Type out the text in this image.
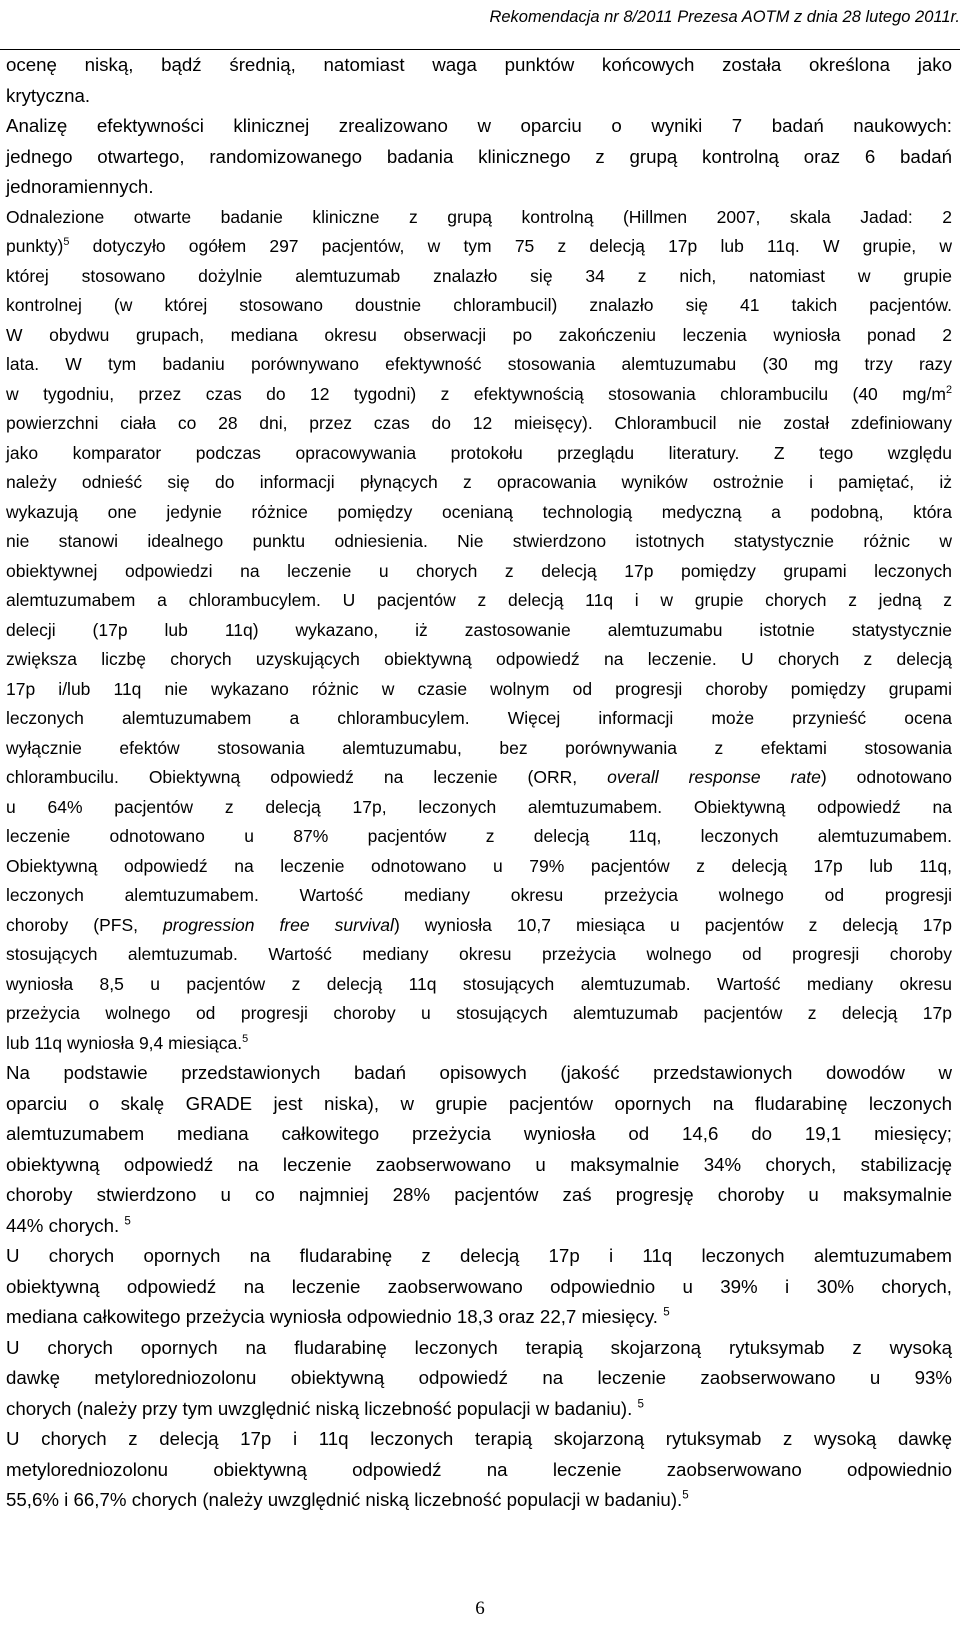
Rekomendacja nr 8/2011 Prezesa AOTM z dnia 28 lutego 2011r.
ocenę niską, bądź średnią, natomiast waga punktów końcowych została określona jako
krytyczna.
Analizę efektywności klinicznej zrealizowano w oparciu o wyniki 7 badań naukowych:
jednego otwartego, randomizowanego badania klinicznego z grupą kontrolną oraz 6 badań
jednoramiennych.
Odnalezione otwarte badanie kliniczne z grupą kontrolną (Hillmen 2007, skala Jadad: 2
punkty)$^5$ dotyczyło ogółem 297 pacjentów, w tym 75 z delecją 17p lub 11q. W grupie, w
której stosowano dożylnie alemtuzumab znalazło się 34 z nich, natomiast w grupie
kontrolnej (w której stosowano doustnie chlorambucil) znalazło się 41 takich pacjentów.
W obydwu grupach, mediana okresu obserwacji po zakończeniu leczenia wyniosła ponad 2
lata. W tym badaniu porównywano efektywność stosowania alemtuzumabu (30 mg trzy razy
w tygodniu, przez czas do 12 tygodni) z efektywnością stosowania chlorambucilu (40 $mg/m^2$
powierzchni ciała co 28 dni, przez czas do 12 mieisęcy). Chlorambucil nie został zdefiniowany
jako komparator podczas opracowywania protokołu przeglądu literatury. Z tego względu
należy odnieść się do informacji płynących z opracowania wyników ostrożnie i pamiętać, iż
wykazują one jedynie różnice pomiędzy ocenianą technologią medyczną a podobną, która
nie stanowi idealnego punktu odniesienia. Nie stwierdzono istotnych statystycznie różnic w
obiektywnej odpowiedzi na leczenie u chorych z delecją 17p pomiędzy grupami leczonych
alemtuzumabem a chlorambucylem. U pacjentów z delecją 11q i w grupie chorych z jedną z
delecji (17p lub 11q) wykazano, iż zastosowanie alemtuzumabu istotnie statystycznie
zwiększa liczbę chorych uzyskujących obiektywną odpowiedź na leczenie. U chorych z delecją
17p i/lub 11q nie wykazano różnic w czasie wolnym od progresji choroby pomiędzy grupami
leczonych alemtuzumabem a chlorambucylem. Więcej informacji może przynieść ocena
wyłącznie efektów stosowania alemtuzumabu, bez porównywania z efektami stosowania
chlorambucilu. Obiektywną odpowiedź na leczenie (ORR, overall response rate) odnotowano
u 64% pacjentów z delecją 17p, leczonych alemtuzumabem. Obiektywną odpowiedź na
leczenie odnotowano u 87% pacjentów z delecją 11q, leczonych alemtuzumabem.
Obiektywną odpowiedź na leczenie odnotowano u 79% pacjentów z delecją 17p lub 11q,
leczonych alemtuzumabem. Wartość mediany okresu przeżycia wolnego od progresji
choroby (PFS, progression free survival) wyniosła 10,7 miesiąca u pacjentów z delecją 17p
stosujących alemtuzumab. Wartość mediany okresu przeżycia wolnego od progresji choroby
wyniosła 8,5 u pacjentów z delecją 11q stosujących alemtuzumab. Wartość mediany okresu
przeżycia wolnego od progresji choroby u stosujących alemtuzumab pacjentów z delecją 17p
lub 11q wyniosła 9,4 miesiąca.$^5$
Na podstawie przedstawionych badań opisowych (jakość przedstawionych dowodów w
oparciu o skalę GRADE jest niska), w grupie pacjentów opornych na fludarabinę leczonych
alemtuzumabem mediana całkowitego przeżycia wyniosła od 14,6 do 19,1 miesięcy;
obiektywną odpowiedź na leczenie zaobserwowano u maksymalnie 34% chorych, stabilizację
choroby stwierdzono u co najmniej 28% pacjentów zaś progresję choroby u maksymalnie
44% chorych. $^5$
U chorych opornych na fludarabinę z delecją 17p i 11q leczonych alemtuzumabem
obiektywną odpowiedź na leczenie zaobserwowano odpowiednio u 39% i 30% chorych,
mediana całkowitego przeżycia wyniosła odpowiednio 18,3 oraz 22,7 miesięcy. $^5$
U chorych opornych na fludarabinę leczonych terapią skojarzoną rytuksymab z wysoką
dawkę metyloredniozolonu obiektywną odpowiedź na leczenie zaobserwowano u 93%
chorych (należy przy tym uwzględnić niską liczebność populacji w badaniu). $^5$
U chorych z delecją 17p i 11q leczonych terapią skojarzoną rytuksymab z wysoką dawkę
metyloredniozolonu obiektywną odpowiedź na leczenie zaobserwowano odpowiednio
55,6% i 66,7% chorych (należy uwzględnić niską liczebność populacji w badaniu).$^5$
6
